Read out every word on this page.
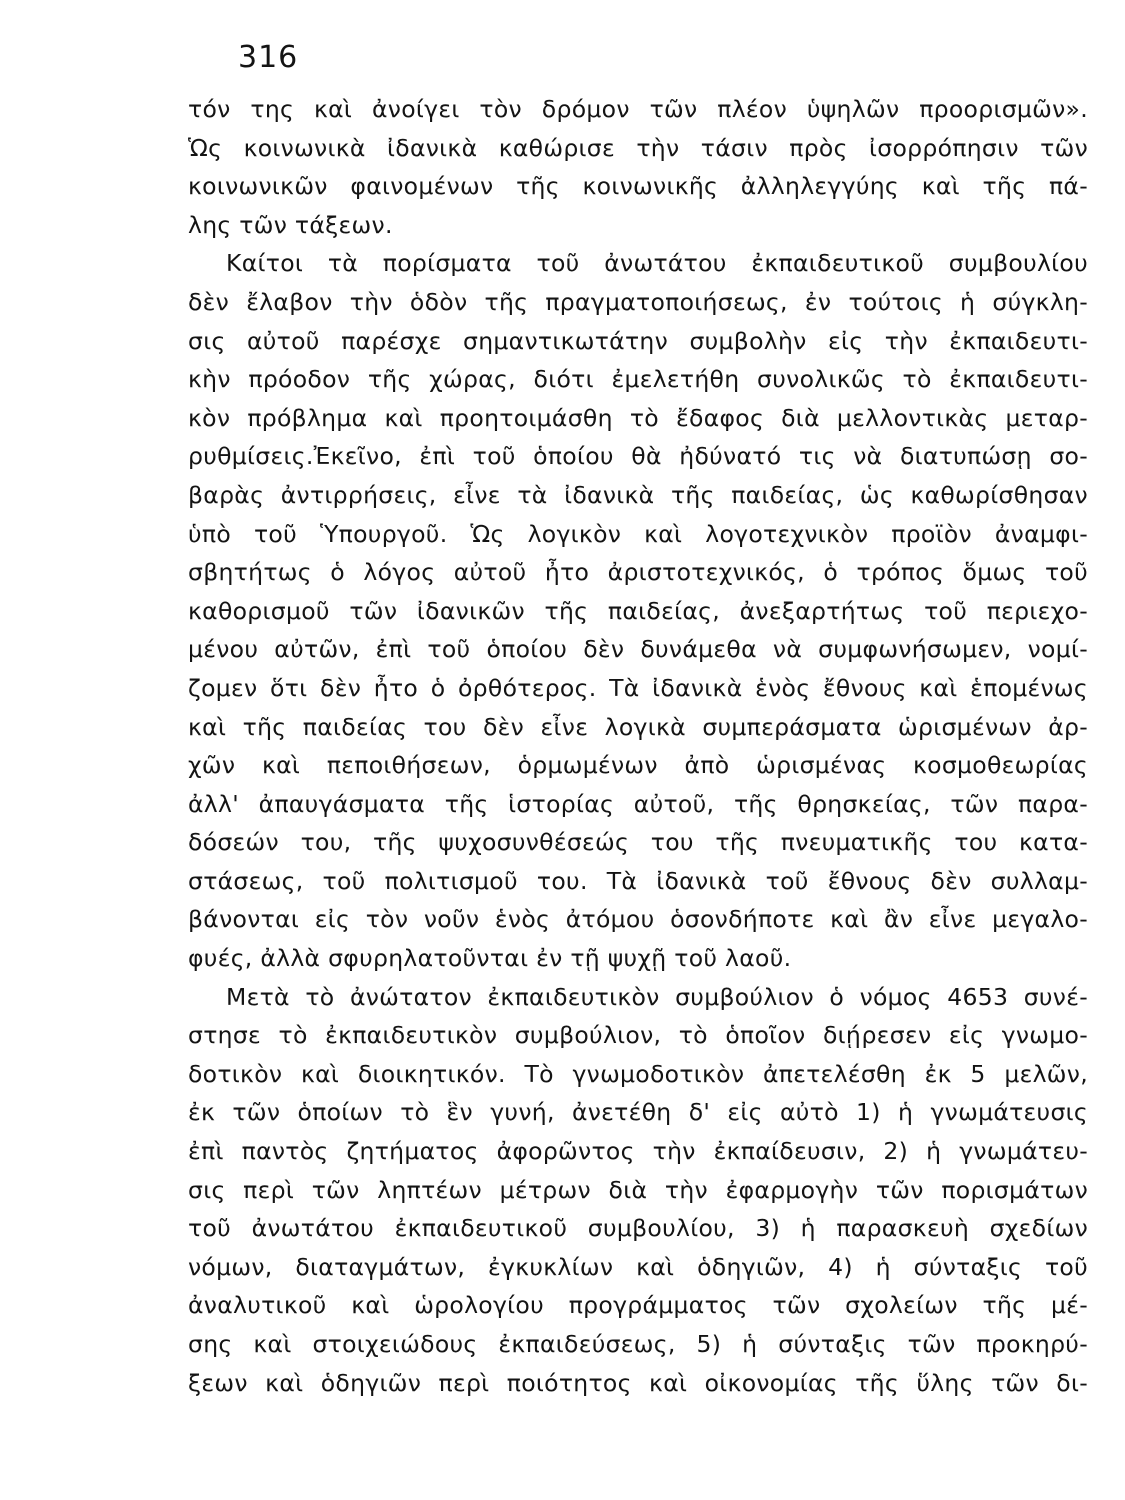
316
τόν της καὶ ἀνοίγει τὸν δρόμον τῶν πλέον ὑψηλῶν προορισμῶν».
Ὡς κοινωνικὰ ἰδανικὰ καθώρισε τὴν τάσιν πρὸς ἰσορρόπησιν τῶν
κοινωνικῶν φαινομένων τῆς κοινωνικῆς ἀλληλεγγύης καὶ τῆς πά-
λης τῶν τάξεων.
Καίτοι τὰ πορίσματα τοῦ ἀνωτάτου ἐκπαιδευτικοῦ συμβουλίου
δὲν ἔλαβον τὴν ὁδὸν τῆς πραγματοποιήσεως, ἐν τούτοις ἡ σύγκλη-
σις αὐτοῦ παρέσχε σημαντικωτάτην συμβολὴν εἰς τὴν ἐκπαιδευτι-
κὴν πρόοδον τῆς χώρας, διότι ἐμελετήθη συνολικῶς τὸ ἐκπαιδευτι-
κὸν πρόβλημα καὶ προητοιμάσθη τὸ ἔδαφος διὰ μελλοντικὰς μεταρ-
ρυθμίσεις.Ἐκεῖνο, ἐπὶ τοῦ ὁποίου θὰ ἠδύνατό τις νὰ διατυπώσῃ σο-
βαρὰς ἀντιρρήσεις, εἶνε τὰ ἰδανικὰ τῆς παιδείας, ὡς καθωρίσθησαν
ὑπὸ τοῦ Ὑπουργοῦ. Ὡς λογικὸν καὶ λογοτεχνικὸν προϊὸν ἀναμφι-
σβητήτως ὁ λόγος αὐτοῦ ἦτο ἀριστοτεχνικός, ὁ τρόπος ὅμως τοῦ
καθορισμοῦ τῶν ἰδανικῶν τῆς παιδείας, ἀνεξαρτήτως τοῦ περιεχο-
μένου αὐτῶν, ἐπὶ τοῦ ὁποίου δὲν δυνάμεθα νὰ συμφωνήσωμεν, νομί-
ζομεν ὅτι δὲν ἦτο ὁ ὀρθότερος. Τὰ ἰδανικὰ ἑνὸς ἔθνους καὶ ἑπομένως
καὶ τῆς παιδείας του δὲν εἶνε λογικὰ συμπεράσματα ὡρισμένων ἀρ-
χῶν καὶ πεποιθήσεων, ὁρμωμένων ἀπὸ ὡρισμένας κοσμοθεωρίας
ἀλλ' ἀπαυγάσματα τῆς ἱστορίας αὐτοῦ, τῆς θρησκείας, τῶν παρα-
δόσεών του, τῆς ψυχοσυνθέσεώς του τῆς πνευματικῆς του κατα-
στάσεως, τοῦ πολιτισμοῦ του. Τὰ ἰδανικὰ τοῦ ἔθνους δὲν συλλαμ-
βάνονται εἰς τὸν νοῦν ἑνὸς ἀτόμου ὁσονδήποτε καὶ ἂν εἶνε μεγαλο-
φυές, ἀλλὰ σφυρηλατοῦνται ἐν τῇ ψυχῇ τοῦ λαοῦ.
Μετὰ τὸ ἀνώτατον ἐκπαιδευτικὸν συμβούλιον ὁ νόμος 4653 συνέ-
στησε τὸ ἐκπαιδευτικὸν συμβούλιον, τὸ ὁποῖον διῄρεσεν εἰς γνωμο-
δοτικὸν καὶ διοικητικόν. Τὸ γνωμοδοτικὸν ἀπετελέσθη ἐκ 5 μελῶν,
ἐκ τῶν ὁποίων τὸ ἓν γυνή, ἀνετέθη δ' εἰς αὐτὸ 1) ἡ γνωμάτευσις
ἐπὶ παντὸς ζητήματος ἀφορῶντος τὴν ἐκπαίδευσιν, 2) ἡ γνωμάτευ-
σις περὶ τῶν ληπτέων μέτρων διὰ τὴν ἐφαρμογὴν τῶν πορισμάτων
τοῦ ἀνωτάτου ἐκπαιδευτικοῦ συμβουλίου, 3) ἡ παρασκευὴ σχεδίων
νόμων, διαταγμάτων, ἐγκυκλίων καὶ ὁδηγιῶν, 4) ἡ σύνταξις τοῦ
ἀναλυτικοῦ καὶ ὡρολογίου προγράμματος τῶν σχολείων τῆς μέ-
σης καὶ στοιχειώδους ἐκπαιδεύσεως, 5) ἡ σύνταξις τῶν προκηρύ-
ξεων καὶ ὁδηγιῶν περὶ ποιότητος καὶ οἰκονομίας τῆς ὕλης τῶν δι-
